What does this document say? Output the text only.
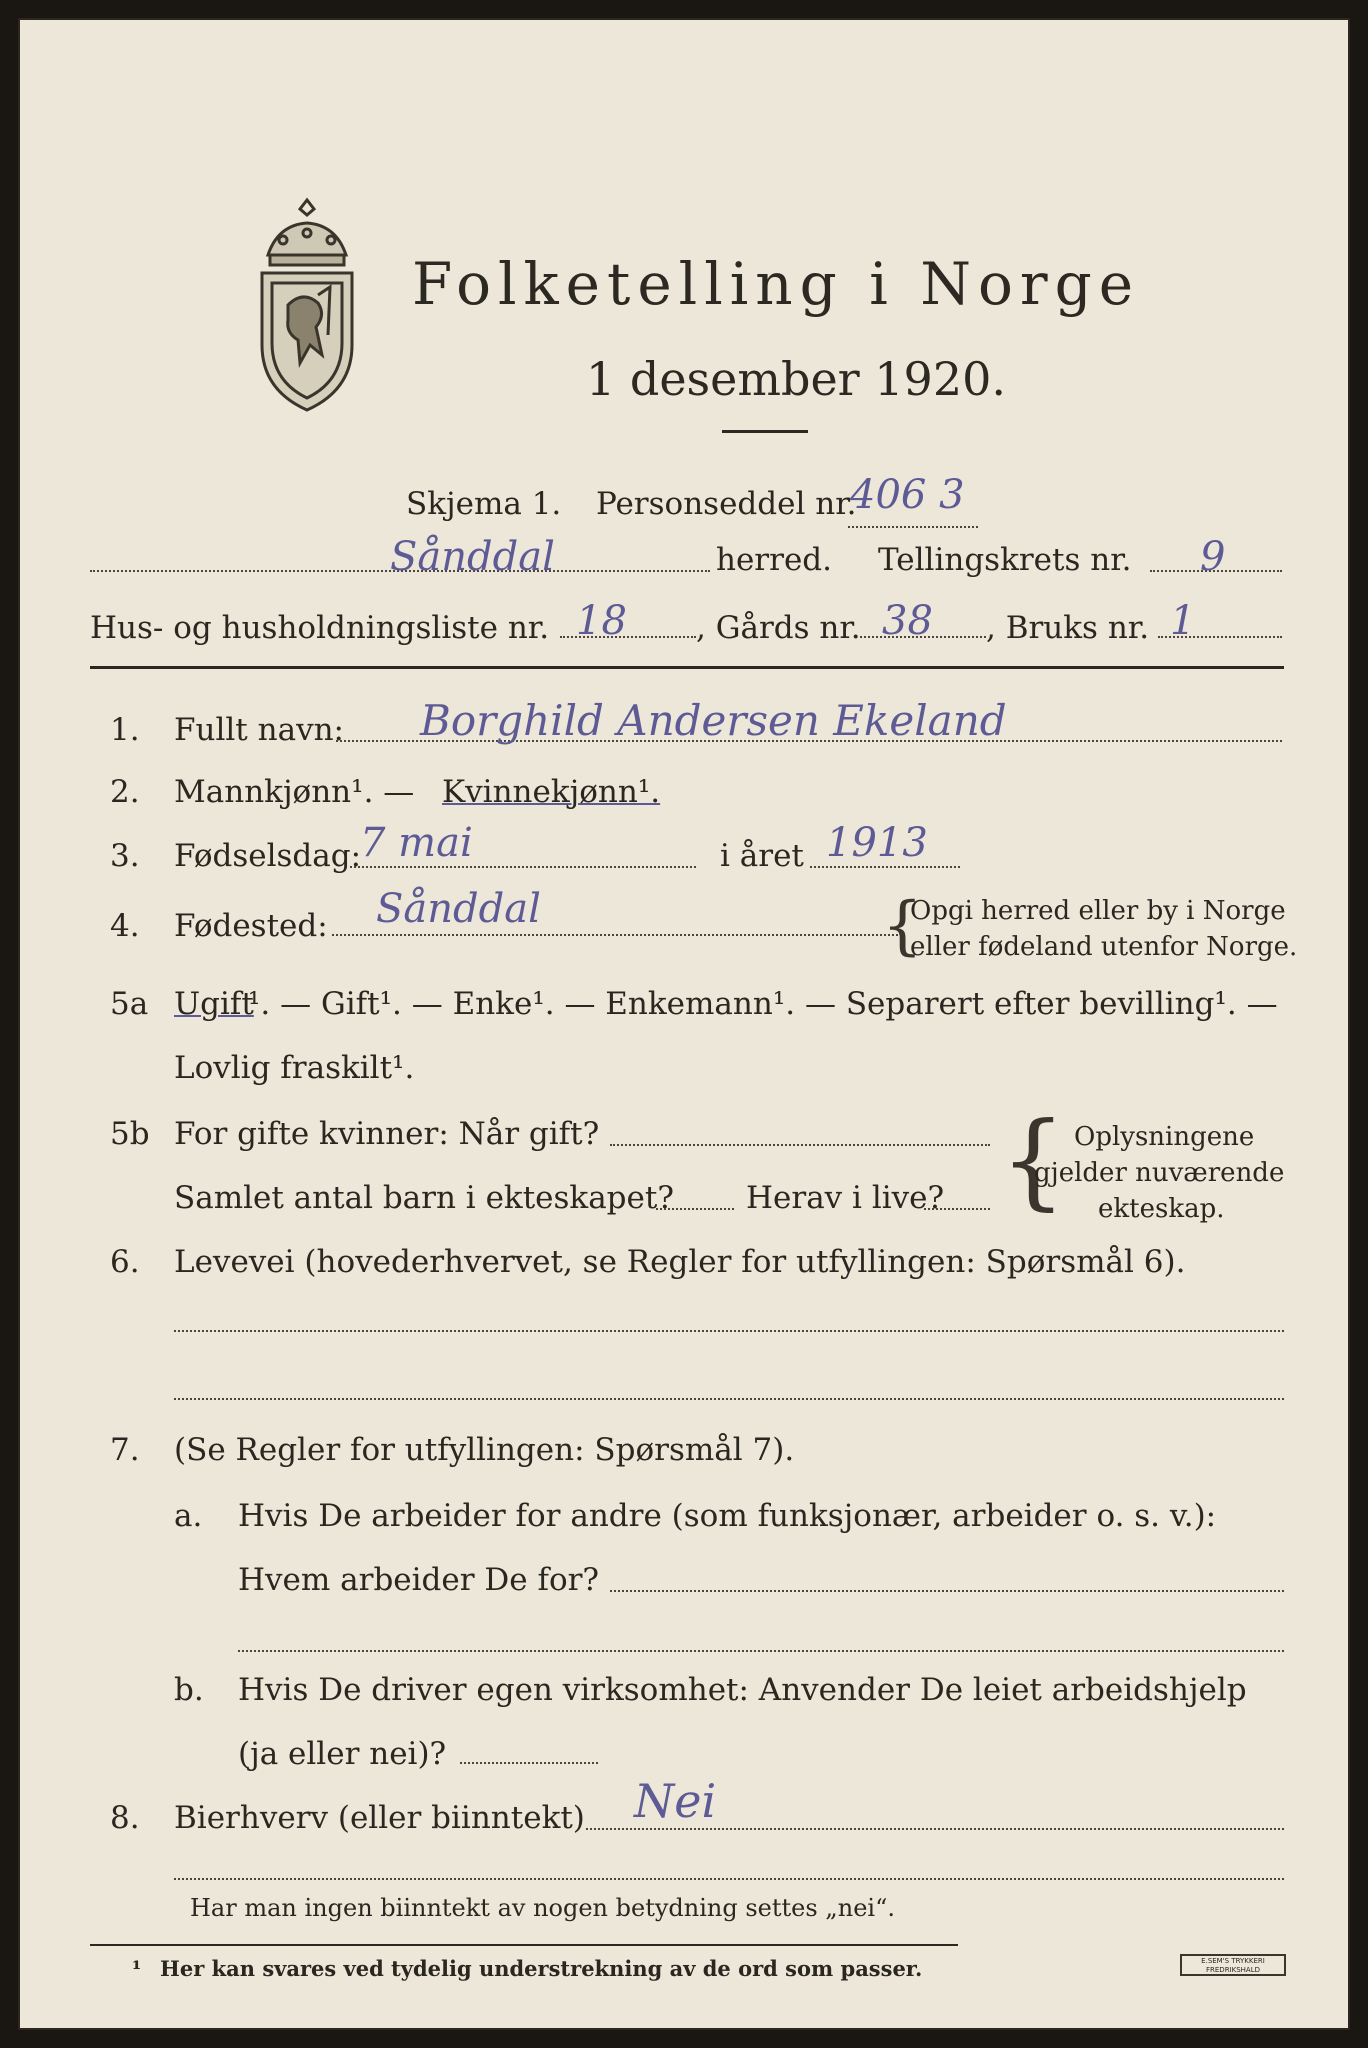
Folketelling i Norge
1 desember 1920.
Skjema 1. Personseddel nr.
406 3
Sånddal	herred. Tellingskrets nr. 9
Hus- og husholdningsliste nr. 18 , Gårds nr. 38 , Bruks nr. 1
1. Fullt navn: Borghild Andersen Ekeland
2. Mannkjønn¹. — Kvinnekjønn¹.
3. Fødselsdag:
7 mai	i året 1913
4. Fødested: Sånddal	{
Opgi herred eller by i Norge
eller fødeland utenfor Norge.
5a Ugift
¹. — Gift¹. — Enke¹. — Enkemann¹. — Separert efter bevilling¹. —
Lovlig fraskilt¹.
5b For gifte kvinner: Når gift?
Samlet antal barn i ekteskapet? Herav i live? { Oplysningene
gjelder nuværende
ekteskap.
6. Levevei (hovederhvervet, se Regler for utfyllingen: Spørsmål 6).
7. (Se Regler for utfyllingen: Spørsmål 7).
a. Hvis De arbeider for andre (som funksjonær, arbeider o. s. v.):
Hvem arbeider De for?
b. Hvis De driver egen virksomhet: Anvender De leiet arbeidshjelp
(ja eller nei)?
8. Bierhverv (eller biinntekt) Nei
Har man ingen biinntekt av nogen betydning settes „nei“.
¹ Her kan svares ved tydelig understrekning av de ord som passer.	E.SEM'S TRYKKERI FREDRIKSHALD
